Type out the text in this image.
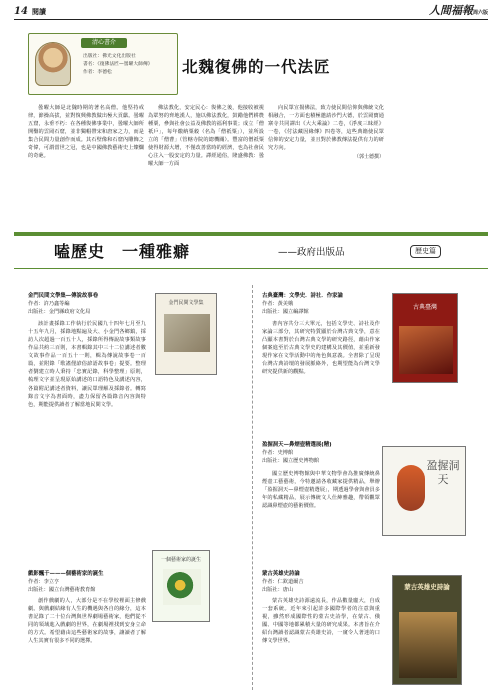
14 閱讀	人間福報周六版
清心書介
出版社：佛光文化出版社
書名：《復佛法匠—曇曜大師傳》
作者：李德松	北魏復佛的一代法匠

曇曜大師是北魏時期的著名高僧。他堅持戒律，節操高拔，並對復興佛教做出極大貢獻。曇曜五窟，永垂不朽：在各種復佛事業中，曇曜大師所開鑿的雲岡石窟，並非獨帽帶宋和唐家之力，而是集合民間力量創作而成。其石壁像和石窟內雕飾之奇偉，可謂當世之冠，也是中國佛教藝術史上燦爛的奇葩。

佛法教化，安定民心：復佛之後，他接收被視為眾努的齊地漢人，施以佛法教化，鼓勵他們耕農種粟，參與社會公益及佛教的福利事業；成立「僧祇戶」，每年繳納粟穀（名為「僧祇粟」），並所設立的「僧曹」（管轄寺院的總機關）。豐富的僧祇粟使得財源大增，不僅改善當時的經濟，也為社會民心注入一股安定的力量。譯經通俗，隆盛佛教：曇曜大師一方面

向民眾宣揚佛法，致力使民間信仰與佛統文化相融合，一方面也積極邀請沙門大德，於雲岡寶通寨寺共同譯出《大大乘論》二卷，《淨度三昧經》一卷，《付法藏因緣傳》四卷等，這些典籍使民眾信仰的安定力量，並且對於佛教傳法提供有力的研究方向。

（郭士德撰）
嗑歷史　一種雅癖	——政府出版品	歷史篇
金門民間文學集—傳說故事卷
作者：許乃鑫等編
出版社：金門縣政府文化局

該計畫採錄工作執行於民國九十四年七月至九十五年九月，採錄地點遍及大、小金門各鄉鎮，採訪人次超過一百五十人，採錄所得傳說故事類故事作品共約三百則，本書輯錄其中三十二位講述者數文故事作品一百五十一則，輯為傳說故事卷一百篇，並附錄「歌謠俚諺俗諺語故事卷」提要。整理者劉建立時人秉持「忠實記錄，科學整理」原則，梳理文字並呈現原始講述的口語特色及講述內容，各篇附記講述者資料，讓民眾理解及採錄者。轉寫錄音文字為書面時，盡力保留各篇錄音內容與特色，期能提供讀者了解當地民間文學。

金門民間文學集
戲影飄千———個藝術家的誕生
作者：李立亨
出版社：國立台灣藝術教育館

創作戲劇的人，大部分是不在學校裡面主修戲劇。與戲劇結緣有人生的機遇與各自的緣分，這本書記錄了二十位台灣與世界劇場藝術家，他們從不同的領域進入戲劇的世界，在劇場裡找到安身立命的方式。希望藉由這些藝術家的故事，讓讀者了解人生其實有很多不同的選擇。

一個藝術家的誕生
古典臺灣：文學史．詩社．作家論
作者：黃美娥
出版社：國立編譯館

書內容共分三大單元，包括文學史、詩社及作家論三部分，其研究特質顯於台灣古典文學，意在凸顯本書對於台灣古典文學的研究路徑，藉由作家個案進至於古典文學史的建構及其價值，並重新發現作家在文學活動中的角色與意義。全書除了呈現台灣古典詩壇的發展脈絡外，也期望能為台灣文學研究提供新的觀點。

古典臺灣
盈握洞天—鼻煙壺精選展(精)
作者：史博館
出版社：國立歷史博物館

國立歷史博物館與中華文物學會為推廣傳統鼻煙壺工藝藝術，今特邀請各收藏家提供精品，舉辦「盈握洞天—鼻煙壺精選展」，期透過學會與會員多年的私藏精品，展示傳統文人仕紳雅趣，帶領觀眾認識鼻煙壺的藝術價值。

盈握洞天
蒙古英雄史詩論
作者：仁欽道爾吉
出版社：唐山

蒙古英雄史詩源遠流長，作品數量龐大，自成一套系統。近年來引起許多國際學者的注意與重視，雖然形成國際性的蒙古史詩學，在蒙古、俄國、中國等地都累積大量的研究成果。本書旨在介紹台灣讀者認識蒙古英雄史詩，一窺令人著迷的口傳文學世界。

蒙古英雄史詩論
